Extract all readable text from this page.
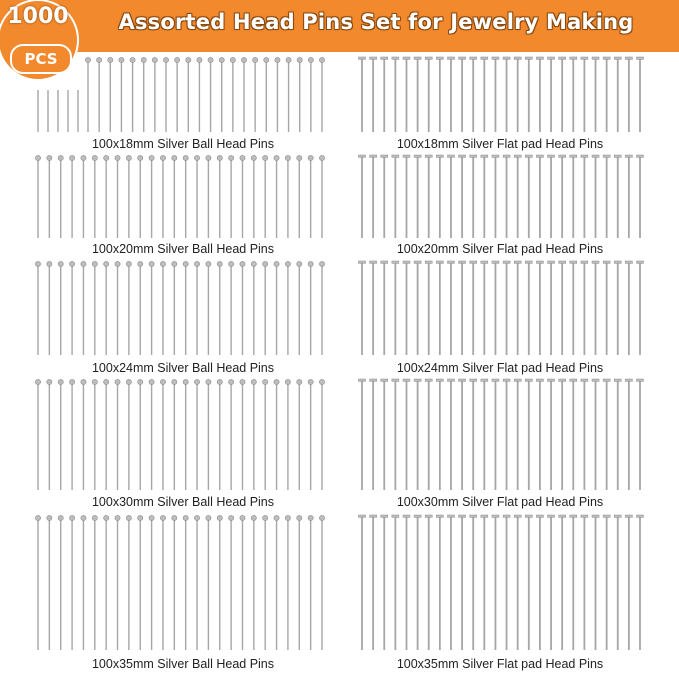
Assorted Head Pins Set for Jewelry Making
1000
PCS
100x18mm Silver Ball Head Pins	100x18mm Silver Flat pad Head Pins
100x20mm Silver Ball Head Pins	100x20mm Silver Flat pad Head Pins
100x24mm Silver Ball Head Pins	100x24mm Silver Flat pad Head Pins
100x30mm Silver Ball Head Pins	100x30mm Silver Flat pad Head Pins
100x35mm Silver Ball Head Pins	100x35mm Silver Flat pad Head Pins
